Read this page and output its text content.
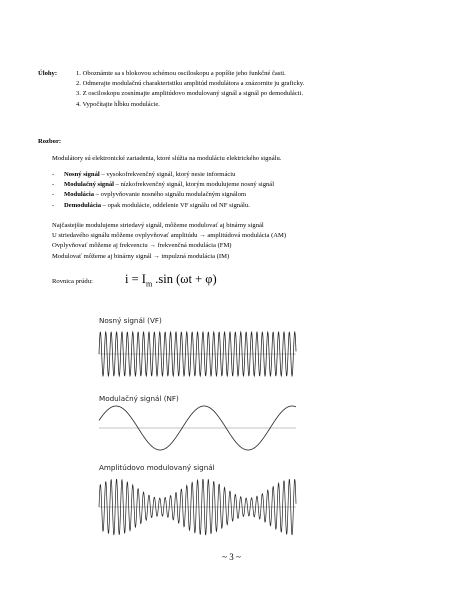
Úlohy:	1. Oboznámte sa s blokovou schémou osciloskopu a popíšte jeho funkčné časti.
2. Odmerajte modulačnú charakteristiku amplitúd modulátora a znázornite ju graficky.
3. Z osciloskopu zosnímajte amplitúdovo modulovaný signál a signál po demodulácii.
4. Vypočítajte hĺbku modulácie.
Rozbor:
Modulátory sú elektronické zariadenia, ktoré slúžia na moduláciu elektrického signálu.
- Nosný signál – vysokofrekvenčný signál, ktorý nesie informáciu
- Modulačný signál – nízkofrekvenčný signál, ktorým modulujeme nosný signál
- Modulácia – ovplyvňovanie nosného signálu modulačným signálom
- Demodulácia – opak modulácie, oddelenie VF signálu od NF signálu.
Najčastejšie modulujeme striedavý signál, môžeme modulovať aj binárny signál
U striedavého signálu môžeme ovplyvňovať amplitúdu → amplitúdová modulácia (AM)
Ovplyvňovať môžeme aj frekvenciu → frekvenčná modulácia (FM)
Modulovať môžeme aj binárny signál → impulzná modulácia (IM)
Rovnica prúdu:	$i = I_m$ .sin (ωt + φ)
Nosný signál (VF)
Modulačný signál (NF)
Amplitúdovo modulovaný signál
~ 3 ~
